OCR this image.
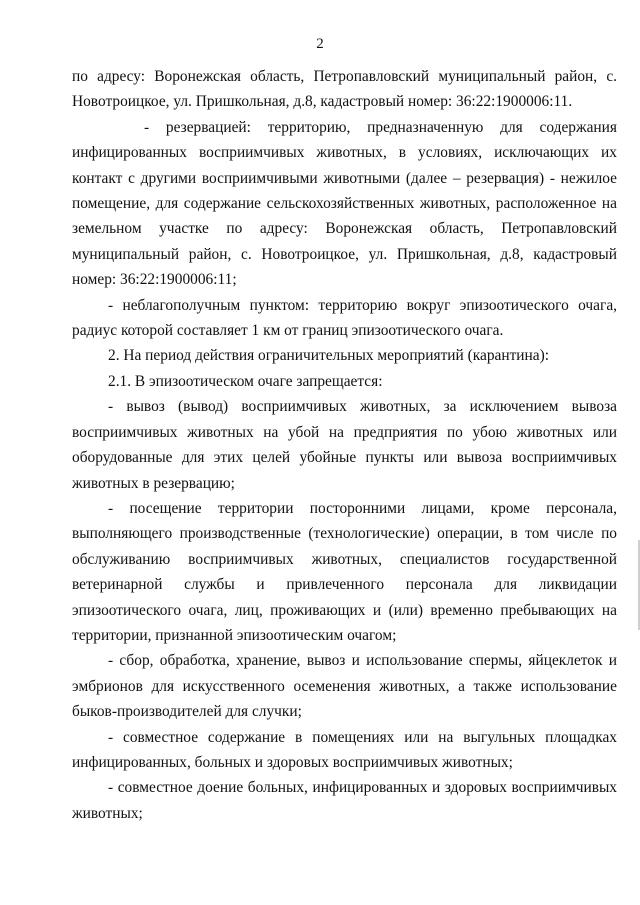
2

по адресу: Воронежская область, Петропавловский муниципальный район, с. Новотроицкое, ул. Пришкольная, д.8, кадастровый номер: 36:22:1900006:11.

- резервацией: территорию, предназначенную для содержания инфицированных восприимчивых животных, в условиях, исключающих их контакт с другими восприимчивыми животными (далее – резервация) - нежилое помещение, для содержание сельскохозяйственных животных, расположенное на земельном участке по адресу: Воронежская область, Петропавловский муниципальный район, с. Новотроицкое, ул. Пришкольная, д.8, кадастровый номер: 36:22:1900006:11;

- неблагополучным пунктом: территорию вокруг эпизоотического очага, радиус которой составляет 1 км от границ эпизоотического очага.

2. На период действия ограничительных мероприятий (карантина):

2.1. В эпизоотическом очаге запрещается:

- вывоз (вывод) восприимчивых животных, за исключением вывоза восприимчивых животных на убой на предприятия по убою животных или оборудованные для этих целей убойные пункты или вывоза восприимчивых животных в резервацию;

- посещение территории посторонними лицами, кроме персонала, выполняющего производственные (технологические) операции, в том числе по обслуживанию восприимчивых животных, специалистов государственной ветеринарной службы и привлеченного персонала для ликвидации эпизоотического очага, лиц, проживающих и (или) временно пребывающих на территории, признанной эпизоотическим очагом;

- сбор, обработка, хранение, вывоз и использование спермы, яйцеклеток и эмбрионов для искусственного осеменения животных, а также использование быков-производителей для случки;

- совместное содержание в помещениях или на выгульных площадках инфицированных, больных и здоровых восприимчивых животных;

- совместное доение больных, инфицированных и здоровых восприимчивых животных;
